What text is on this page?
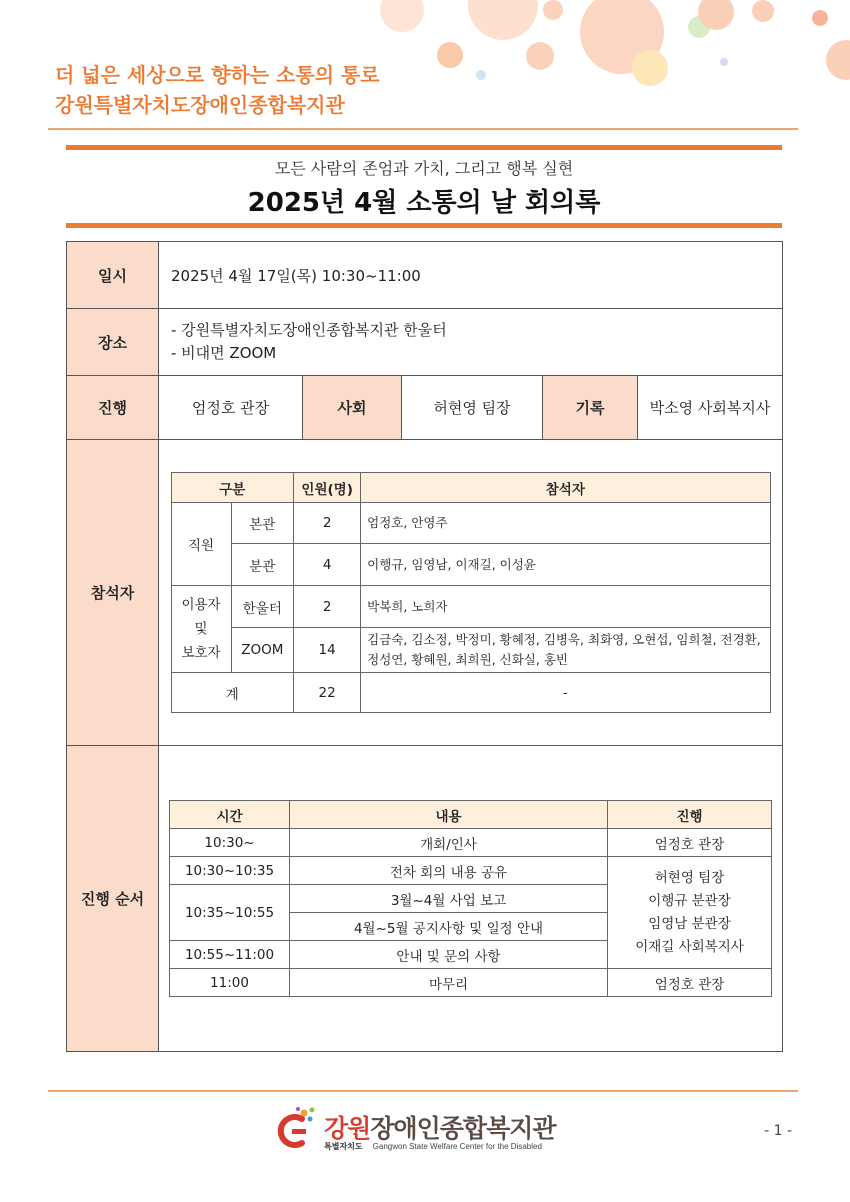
더 넓은 세상으로 향하는 소통의 통로
강원특별자치도장애인종합복지관
모든 사람의 존엄과 가치, 그리고 행복 실현
2025년 4월 소통의 날 회의록
일시	2025년 4월 17일(목) 10:30~11:00
장소	
- 강원특별자치도장애인종합복지관 한울터
- 비대면 ZOOM

진행	엄정호 관장	사회	허현영 팀장	기록	박소영 사회복지사
참석자	
구분	인원(명)	참석자
직원	본관	2	엄정호, 안영주
분관	4	이행규, 임영남, 이재길, 이성윤

이용자
및
보호자
	한울터	2	박복희, 노희자
ZOOM	14	김금숙, 김소정, 박정미, 황혜정, 김병욱, 최화영, 오현섭, 임희철, 전경환, 정성연, 황혜원, 최희원, 신화실, 홍빈
계	22	-

진행 순서	
시간	내용	진행
10:30~	개회/인사	엄정호 관장
10:30~10:35	전차 회의 내용 공유	허현영 팀장
이행규 분관장
임영남 분관장
이재길 사회복지사

10:35~10:55	3월~4월 사업 보고
4월~5월 공지사항 및 일정 안내
10:55~11:00	안내 및 문의 사항
11:00	마무리	엄정호 관장
강원장애인종합복지관
특별자치도 Gangwon State Welfare Center for the Disabled
- 1 -
